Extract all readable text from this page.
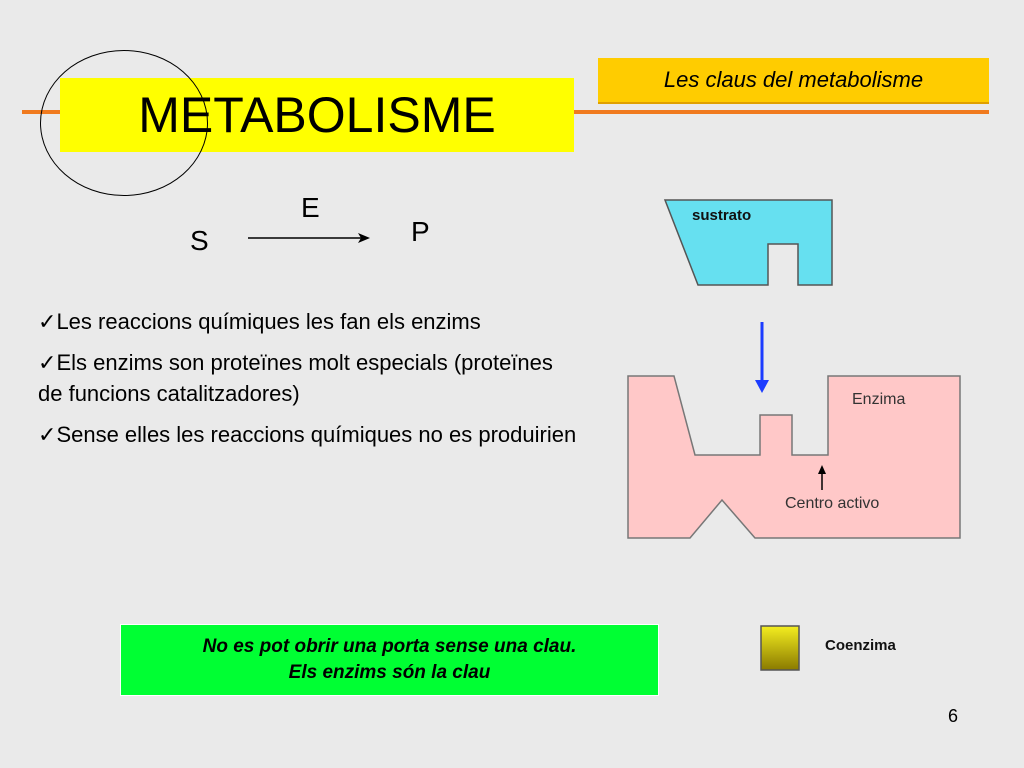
METABOLISME
Les claus del metabolisme
S
E
P
✓Les reaccions químiques les fan els enzims
✓Els enzims son proteïnes molt especials (proteïnes de funcions catalitzadores)
✓Sense elles les reaccions químiques no es produirien
sustrato
Enzima
Centro activo
Coenzima
No es pot obrir una porta sense una clau.
Els enzims són la clau
6
